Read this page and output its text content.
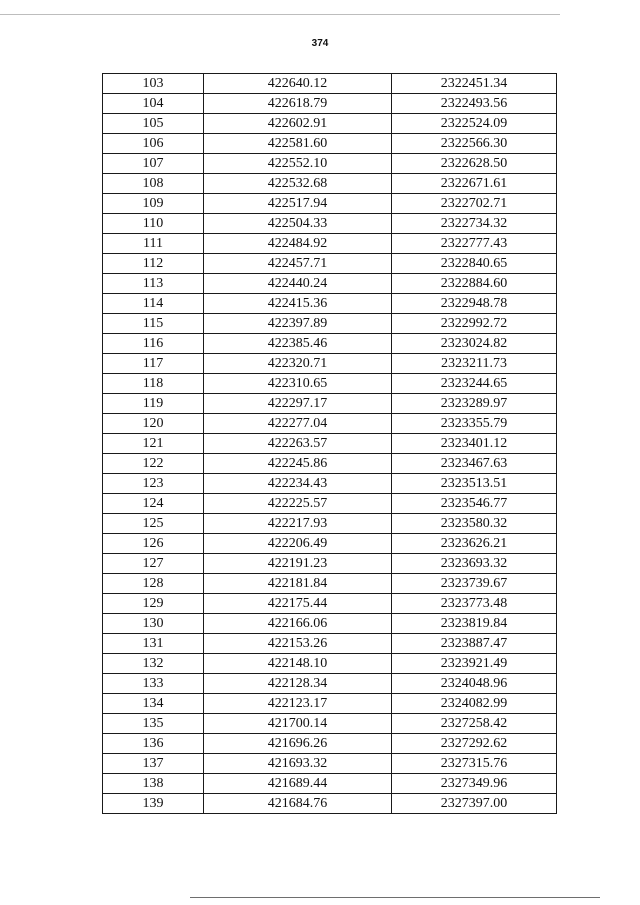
374
103	422640.12	2322451.34
104	422618.79	2322493.56
105	422602.91	2322524.09
106	422581.60	2322566.30
107	422552.10	2322628.50
108	422532.68	2322671.61
109	422517.94	2322702.71
110	422504.33	2322734.32
111	422484.92	2322777.43
112	422457.71	2322840.65
113	422440.24	2322884.60
114	422415.36	2322948.78
115	422397.89	2322992.72
116	422385.46	2323024.82
117	422320.71	2323211.73
118	422310.65	2323244.65
119	422297.17	2323289.97
120	422277.04	2323355.79
121	422263.57	2323401.12
122	422245.86	2323467.63
123	422234.43	2323513.51
124	422225.57	2323546.77
125	422217.93	2323580.32
126	422206.49	2323626.21
127	422191.23	2323693.32
128	422181.84	2323739.67
129	422175.44	2323773.48
130	422166.06	2323819.84
131	422153.26	2323887.47
132	422148.10	2323921.49
133	422128.34	2324048.96
134	422123.17	2324082.99
135	421700.14	2327258.42
136	421696.26	2327292.62
137	421693.32	2327315.76
138	421689.44	2327349.96
139	421684.76	2327397.00
